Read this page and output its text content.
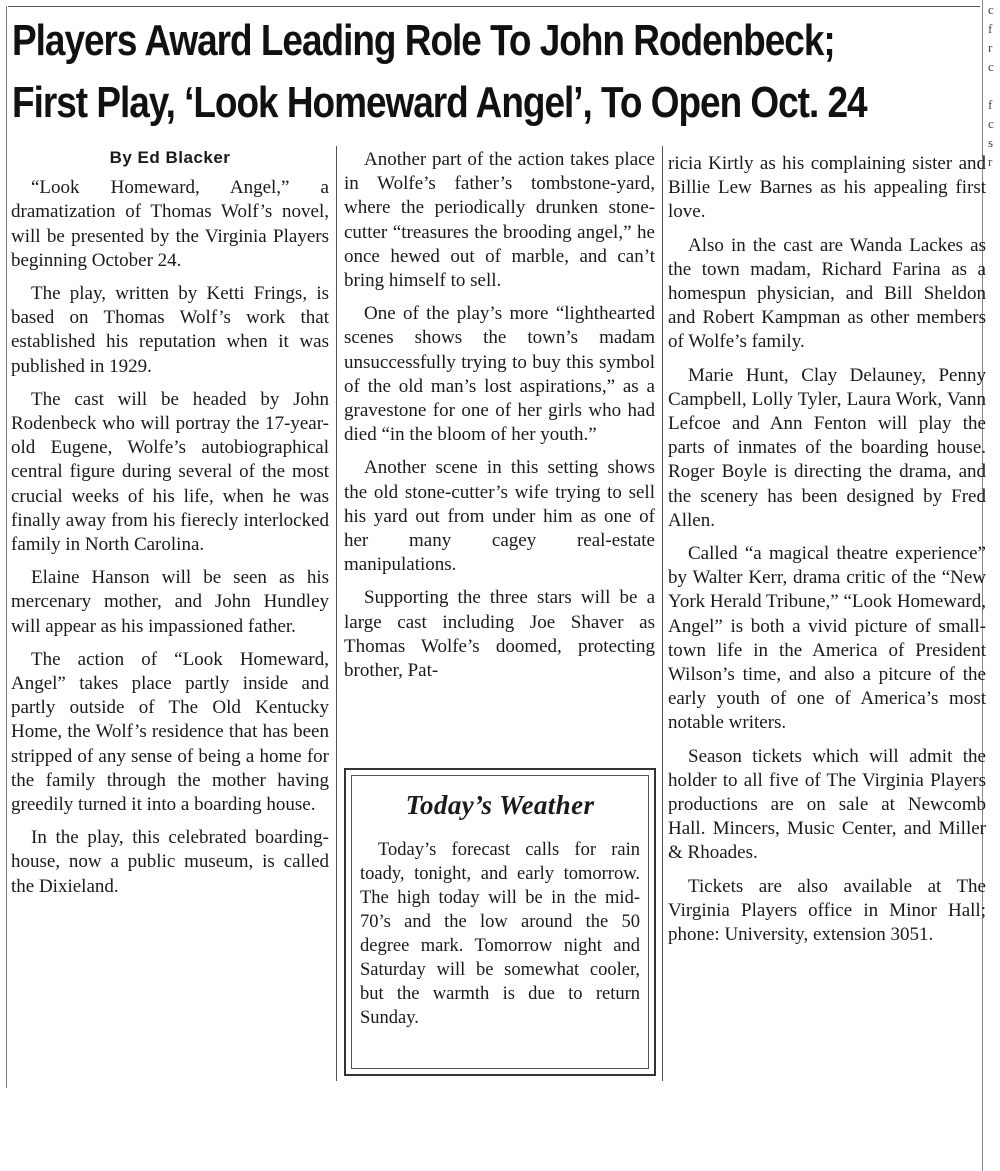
c
f
r
c

f
c
s
r
Players Award Leading Role To John Rodenbeck;
First Play, ‘Look Homeward Angel’, To Open Oct. 24
By Ed Blacker

“Look Homeward, Angel,” a dramatization of Thomas Wolf’s novel, will be presented by the Virginia Players beginning October 24.

The play, written by Ketti Frings, is based on Thomas Wolf’s work that established his reputation when it was published in 1929.

The cast will be headed by John Rodenbeck who will portray the 17-year-old Eugene, Wolfe’s autobiographical central figure during several of the most crucial weeks of his life, when he was finally away from his fierecly interlocked family in North Carolina.

Elaine Hanson will be seen as his mercenary mother, and John Hundley will appear as his impassioned father.

The action of “Look Homeward, Angel” takes place partly inside and partly outside of The Old Kentucky Home, the Wolf’s residence that has been stripped of any sense of being a home for the family through the mother having greedily turned it into a boarding house.

In the play, this celebrated boarding-house, now a public museum, is called the Dixieland.

Another part of the action takes place in Wolfe’s father’s tombstone-yard, where the periodically drunken stone-cutter “treasures the brooding angel,” he once hewed out of marble, and can’t bring himself to sell.

One of the play’s more “lighthearted scenes shows the town’s madam unsuccessfully trying to buy this symbol of the old man’s lost aspirations,” as a gravestone for one of her girls who had died “in the bloom of her youth.”

Another scene in this setting shows the old stone-cutter’s wife trying to sell his yard out from under him as one of her many cagey real-estate manipulations.

Supporting the three stars will be a large cast including Joe Shaver as Thomas Wolfe’s doomed, protecting brother, Pat-

Today’s Weather

Today’s forecast calls for rain toady, tonight, and early tomorrow. The high today will be in the mid-70’s and the low around the 50 degree mark. Tomorrow night and Saturday will be somewhat cooler, but the warmth is due to return Sunday.

ricia Kirtly as his complaining sister and Billie Lew Barnes as his appealing first love.

Also in the cast are Wanda Lackes as the town madam, Richard Farina as a homespun physician, and Bill Sheldon and Robert Kampman as other members of Wolfe’s family.

Marie Hunt, Clay Delauney, Penny Campbell, Lolly Tyler, Laura Work, Vann Lefcoe and Ann Fenton will play the parts of inmates of the boarding house. Roger Boyle is directing the drama, and the scenery has been designed by Fred Allen.

Called “a magical theatre experience” by Walter Kerr, drama critic of the “New York Herald Tribune,” “Look Homeward, Angel” is both a vivid picture of small-town life in the America of President Wilson’s time, and also a pitcure of the early youth of one of America’s most notable writers.

Season tickets which will admit the holder to all five of The Virginia Players productions are on sale at Newcomb Hall. Mincers, Music Center, and Miller & Rhoades.

Tickets are also available at The Virginia Players office in Minor Hall; phone: University, extension 3051.
